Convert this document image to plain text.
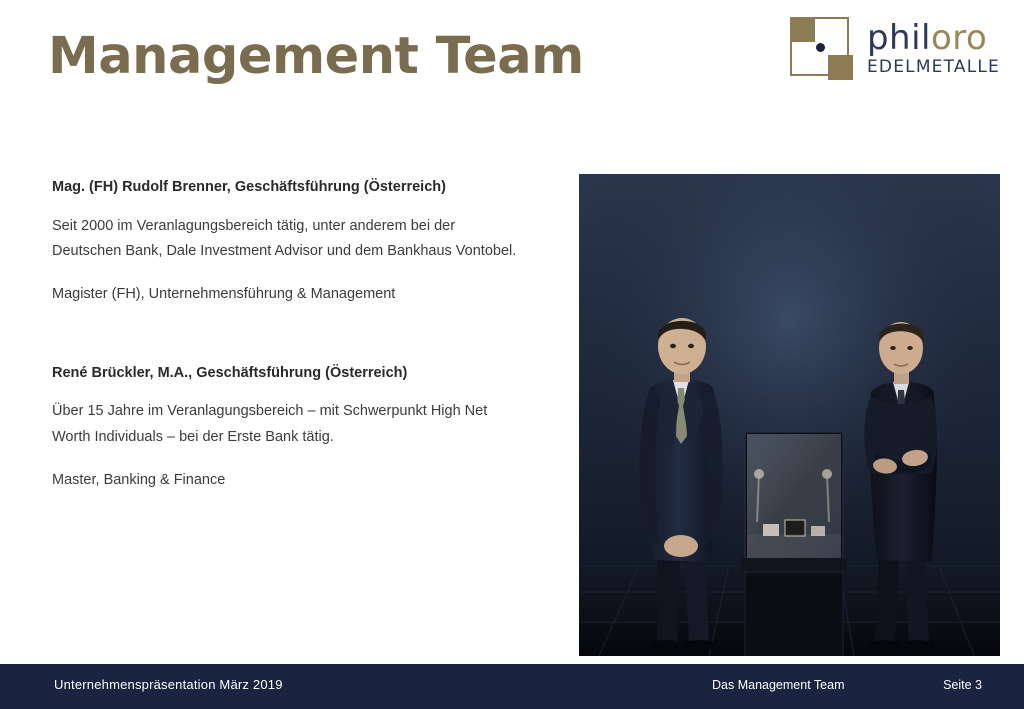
Management Team	philoro
EDELMETALLE
Mag. (FH) Rudolf Brenner, Geschäftsführung (Österreich)
Seit 2000 im Veranlagungsbereich tätig, unter anderem bei der Deutschen Bank, Dale Investment Advisor und dem Bankhaus Vontobel.
Magister (FH), Unternehmensführung & Management
René Brückler, M.A., Geschäftsführung (Österreich)
Über 15 Jahre im Veranlagungsbereich – mit Schwerpunkt High Net Worth Individuals – bei der Erste Bank tätig.
Master, Banking & Finance
Unternehmenspräsentation März 2019	Das Management Team	Seite 3
